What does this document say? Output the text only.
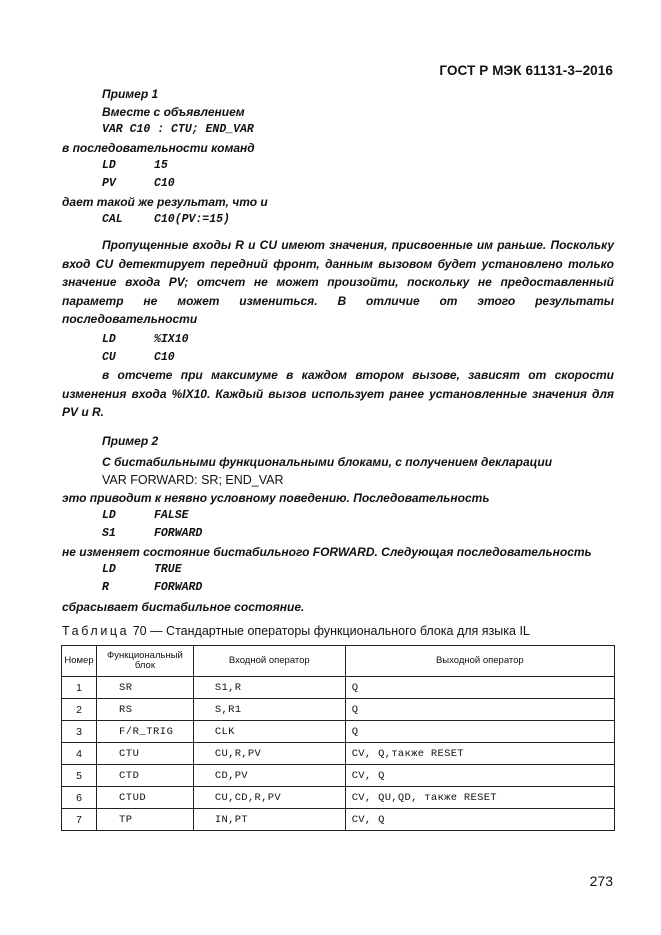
ГОСТ Р МЭК 61131-3–2016
Пример 1
Вместе с объявлением
VAR C10 : CTU; END_VAR
в последовательности команд
LD	15
PV	C10
дает такой же результат, что и
CAL	C10(PV:=15)
Пропущенные входы R и CU имеют значения, присвоенные им раньше. Поскольку вход CU детектирует передний фронт, данным вызовом будет установлено только значение входа PV; отсчет не может произойти, поскольку не предоставленный параметр не может измениться. В отличие от этого результаты последовательности
LD	%IX10
CU	C10
в отсчете при максимуме в каждом втором вызове, зависят от скорости изменения входа %IX10. Каждый вызов использует ранее установленные значения для PV и R.
Пример 2
С бистабильными функциональными блоками, с получением декларации
VAR FORWARD: SR; END_VAR
это приводит к неявно условному поведению. Последовательность
LD	FALSE
S1	FORWARD
не изменяет состояние бистабильного FORWARD. Следующая последовательность
LD	TRUE
R	FORWARD
сбрасывает бистабильное состояние.
Таблица 70 — Стандартные операторы функционального блока для языка IL
Номер	Функциональный блок	Входной оператор	Выходной оператор
1	SR	S1,R	Q
2	RS	S,R1	Q
3	F/R_TRIG	CLK	Q
4	CTU	CU,R,PV	CV, Q,также RESET
5	CTD	CD,PV	CV, Q
6	CTUD	CU,CD,R,PV	CV, QU,QD, также RESET
7	TP	IN,PT	CV, Q
273
